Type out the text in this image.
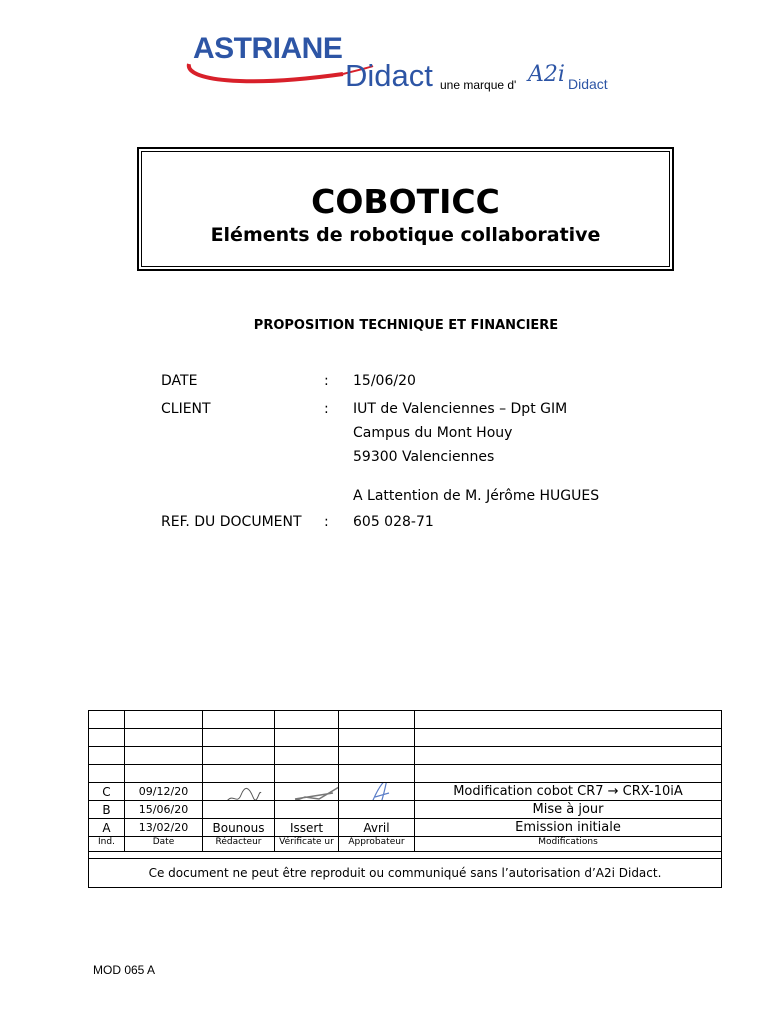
ASTRIANE
Didact une marque d' A2i Didact
COBOTICC
Eléments de robotique collaborative
PROPOSITION TECHNIQUE ET FINANCIERE
DATE	: 15/06/20
CLIENT	: IUT de Valenciennes – Dpt GIM
Campus du Mont Houy
59300 Valenciennes
A Lattention de M. Jérôme HUGUES
REF. DU DOCUMENT : 605 028-71

C	09/12/20				Modification cobot CR7 → CRX-10iA
B	15/06/20				Mise à jour
A	13/02/20	Bounous	Issert	Avril	Emission initiale
Ind.	Date	Rédacteur	Vérificate ur	Approbateur	Modifications

Ce document ne peut être reproduit ou communiqué sans l’autorisation d’A2i Didact.					
MOD 065 A
